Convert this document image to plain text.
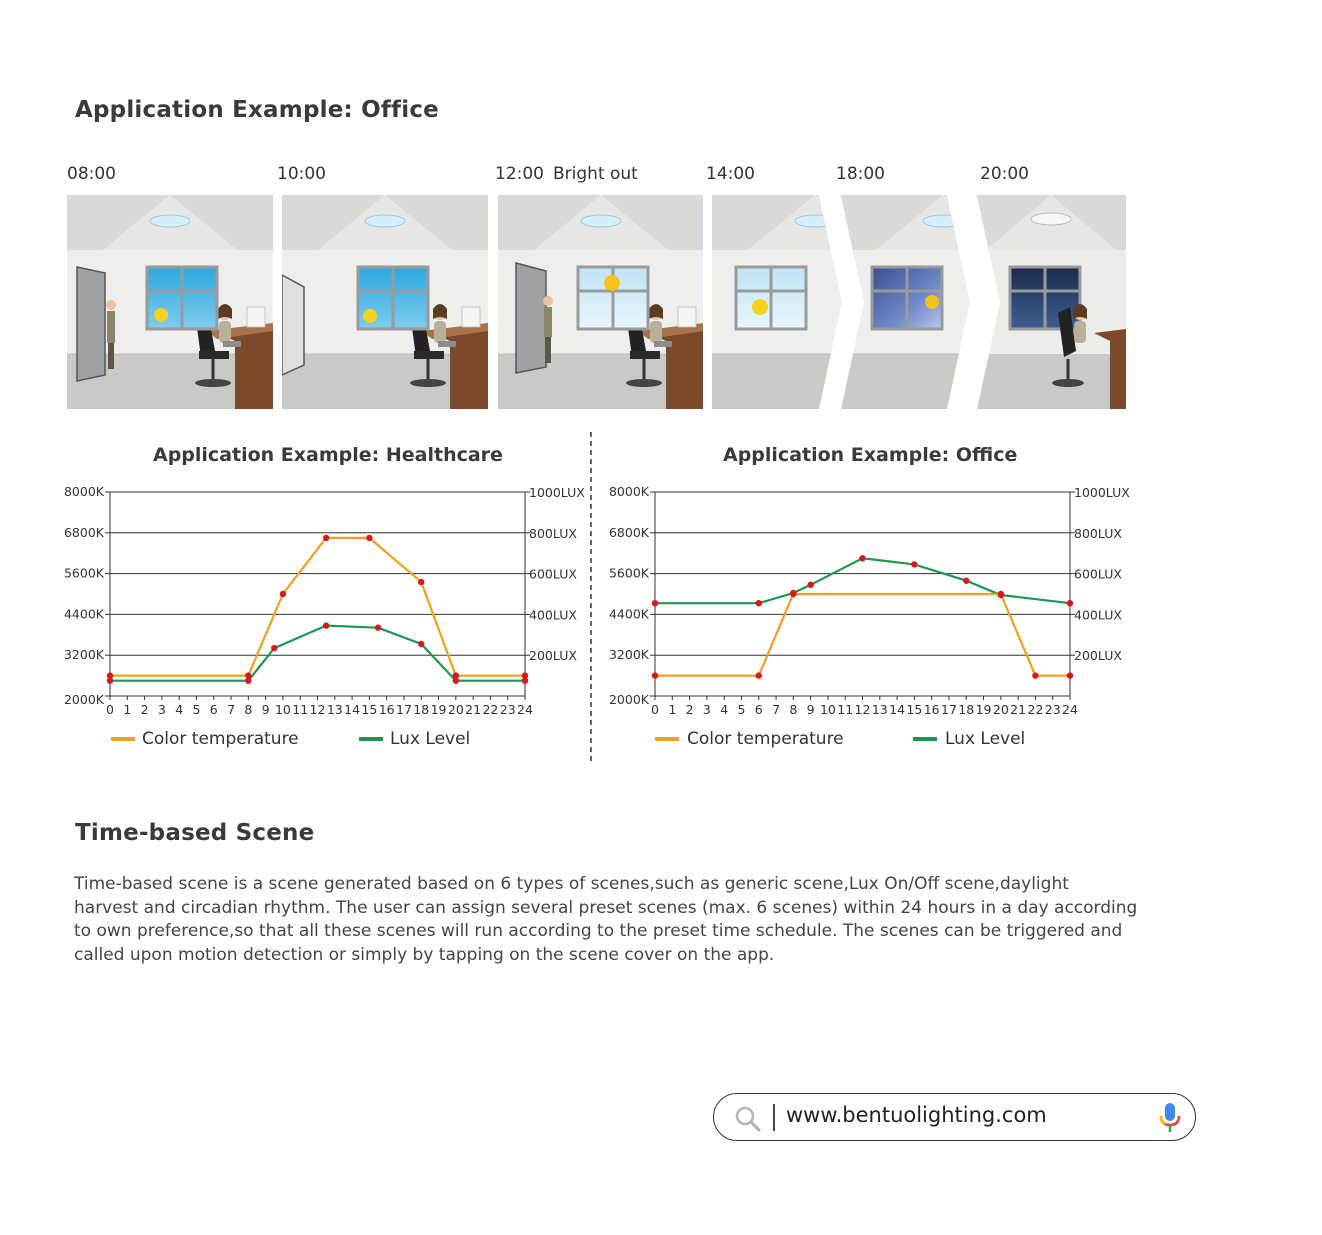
Application Example: Office
08:00	10:00	12:00 Bright out	14:00	18:00	20:00
Application Example: Healthcare	Application Example: Office
8000K
6800K
5600K
4400K
3200K
2000K
1000LUX
800LUX
600LUX
400LUX
200LUX
0 1 2 3 4 5 6 7 8 9 10 11 12 13 14 15 16 17 18 19 20 21 22 23 24
Color temperature	Lux Level
8000K
6800K
5600K
4400K
3200K
2000K
1000LUX
800LUX
600LUX
400LUX
200LUX
0 1 2 3 4 5 6 7 8 9 10 11 12 13 14 15 16 17 18 19 20 21 22 23 24
Color temperature	Lux Level
Time-based Scene
Time-based scene is a scene generated based on 6 types of scenes,such as generic scene,Lux On/Off scene,daylight
harvest and circadian rhythm. The user can assign several preset scenes (max. 6 scenes) within 24 hours in a day according
to own preference,so that all these scenes will run according to the preset time schedule. The scenes can be triggered and
called upon motion detection or simply by tapping on the scene cover on the app.
www.bentuolighting.com
